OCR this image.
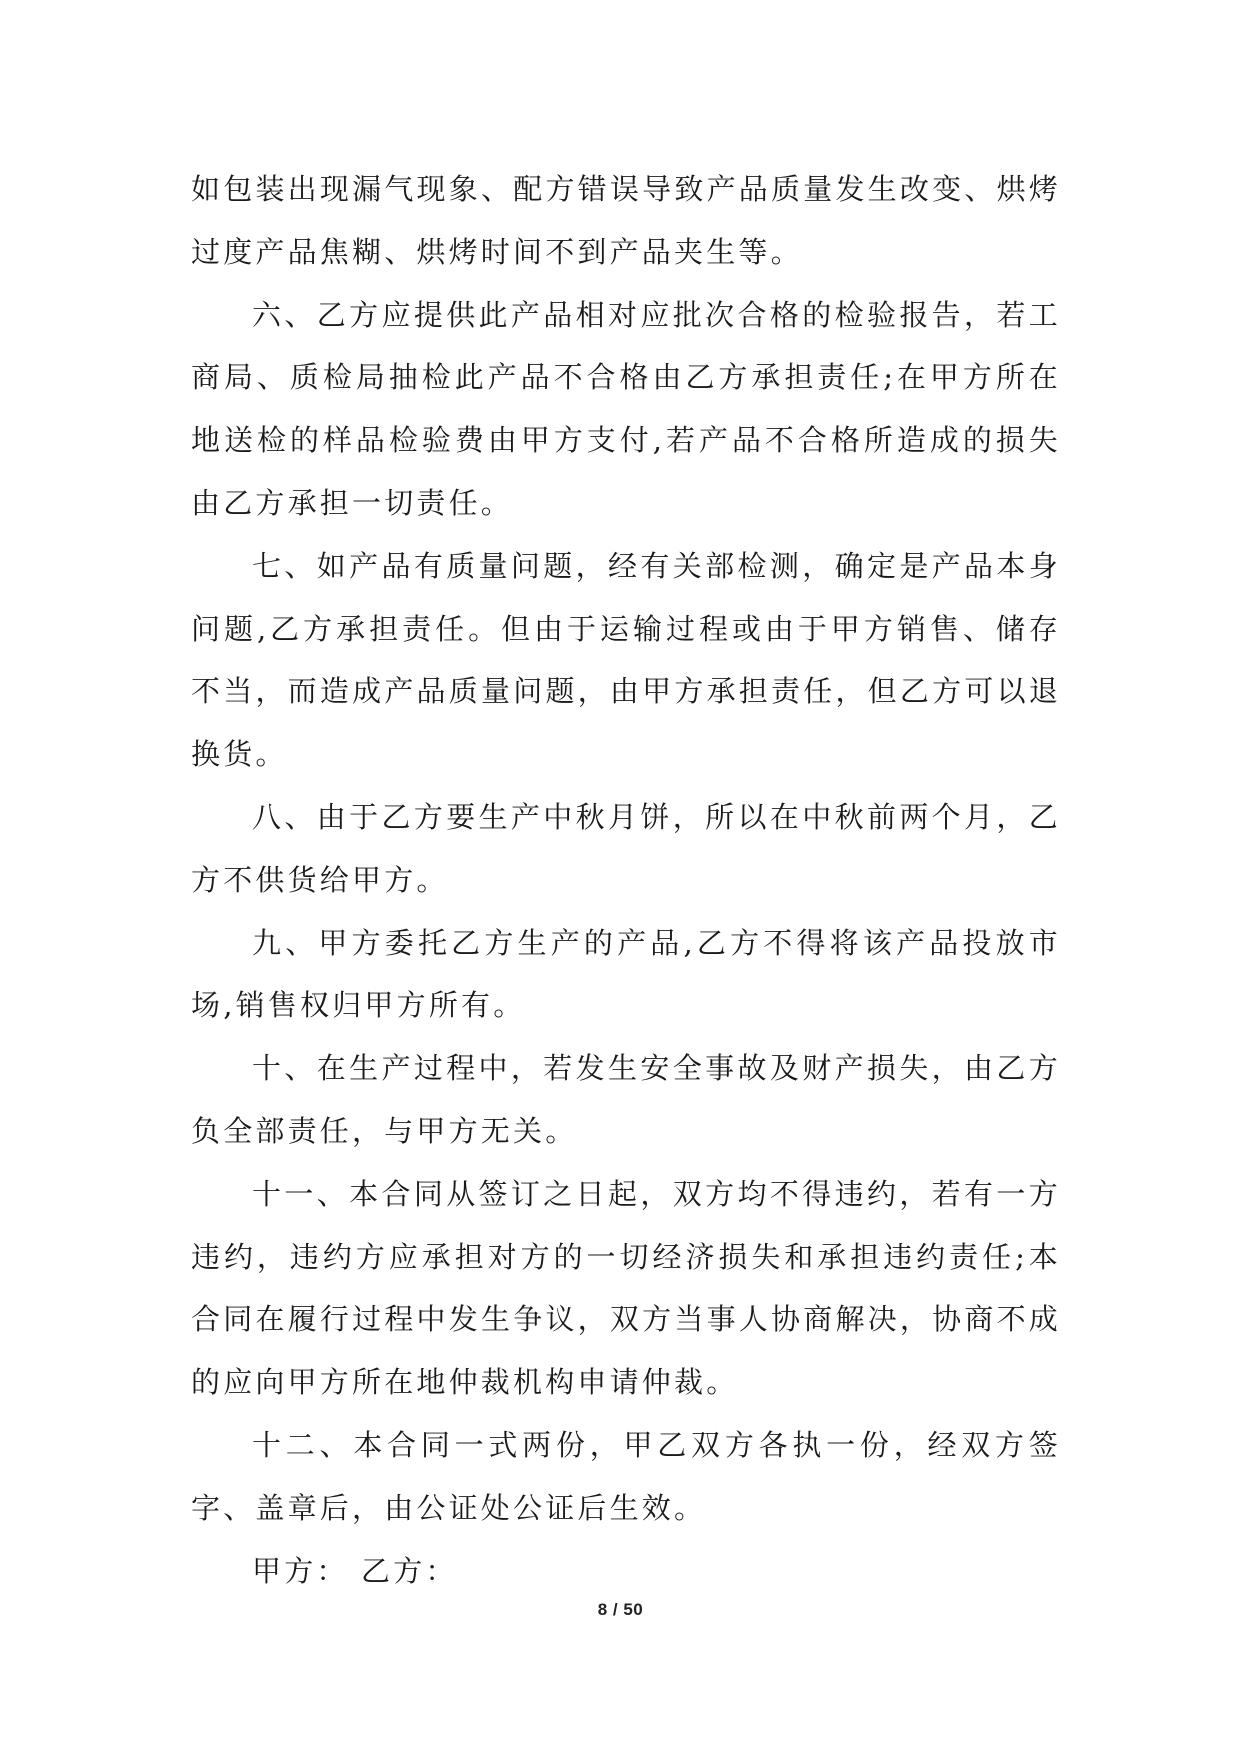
如包装出现漏气现象、配方错误导致产品质量发生改变、烘烤过度产品焦糊、烘烤时间不到产品夹生等。

六、乙方应提供此产品相对应批次合格的检验报告，若工商局、质检局抽检此产品不合格由乙方承担责任;在甲方所在地送检的样品检验费由甲方支付,若产品不合格所造成的损失由乙方承担一切责任。

七、如产品有质量问题，经有关部检测，确定是产品本身问题,乙方承担责任。但由于运输过程或由于甲方销售、储存不当，而造成产品质量问题，由甲方承担责任，但乙方可以退换货。

八、由于乙方要生产中秋月饼，所以在中秋前两个月，乙方不供货给甲方。

九、甲方委托乙方生产的产品,乙方不得将该产品投放市场,销售权归甲方所有。

十、在生产过程中，若发生安全事故及财产损失，由乙方负全部责任，与甲方无关。

十一、本合同从签订之日起，双方均不得违约，若有一方违约，违约方应承担对方的一切经济损失和承担违约责任;本合同在履行过程中发生争议，双方当事人协商解决，协商不成的应向甲方所在地仲裁机构申请仲裁。

十二、本合同一式两份，甲乙双方各执一份，经双方签字、盖章后，由公证处公证后生效。

甲方： 乙方：

8 / 50
